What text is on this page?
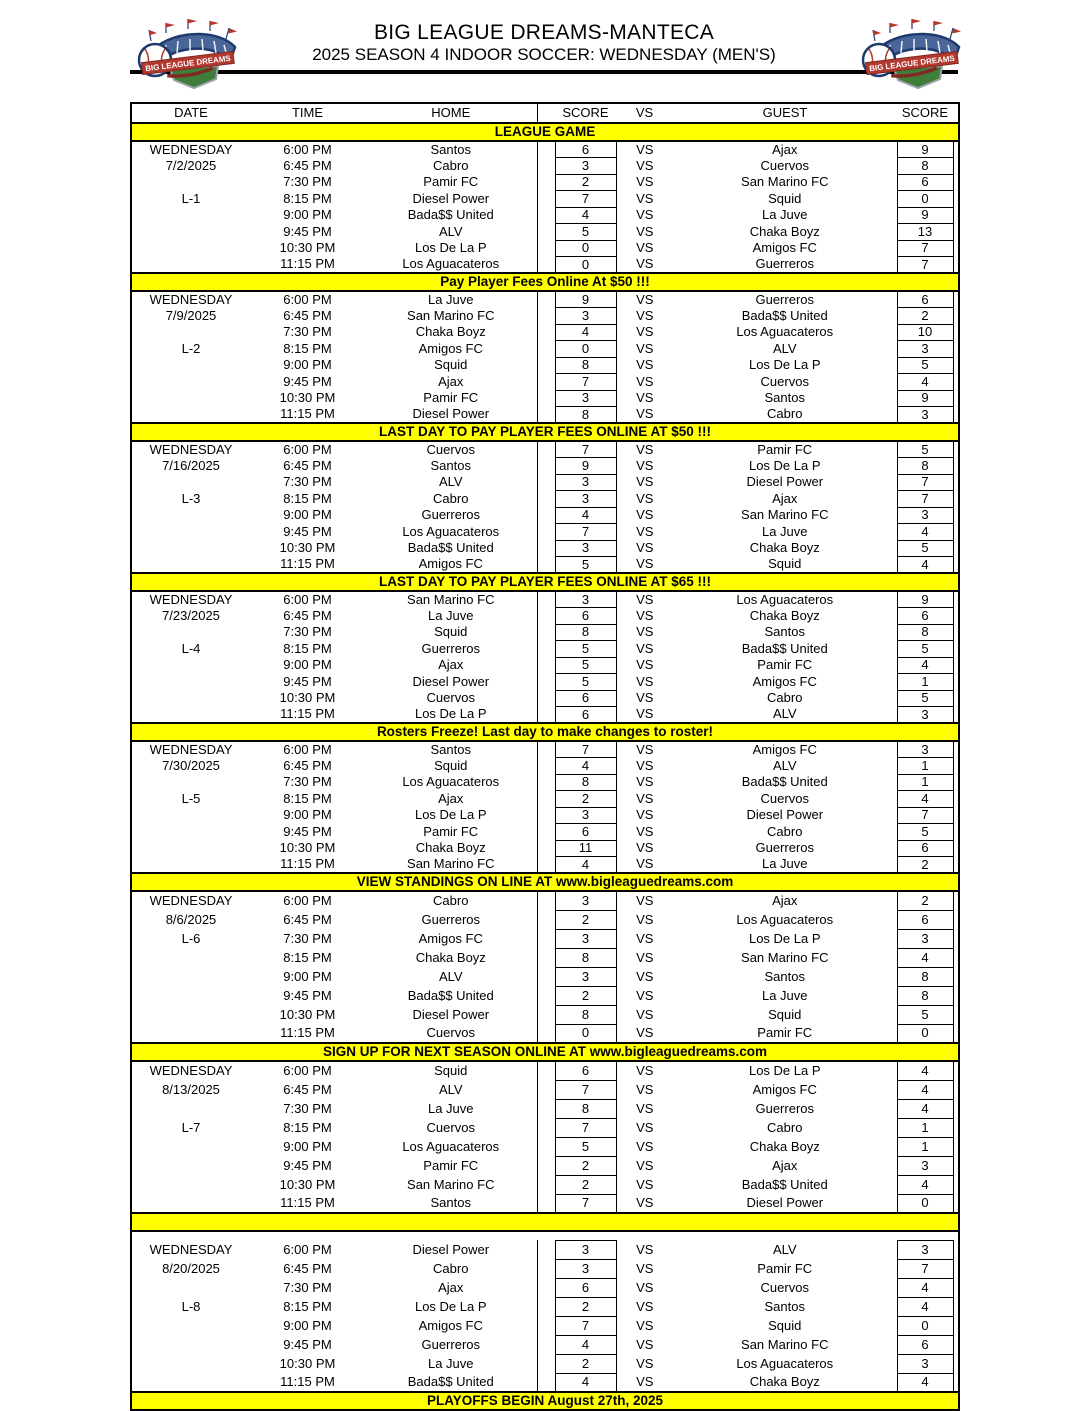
BIG LEAGUE DREAMS
BIG LEAGUE DREAMS-MANTECA
2025 SEASON 4 INDOOR SOCCER: WEDNESDAY (MEN'S)	BIG LEAGUE DREAMS
DATE	TIME	HOME		SCORE	VS	GUEST	SCORE	
LEAGUE GAME								
WEDNESDAY	6:00 PM	Santos		6	VS	Ajax	9	
7/2/2025	6:45 PM	Cabro		3	VS	Cuervos	8	
	7:30 PM	Pamir FC		2	VS	San Marino FC	6	
L-1	8:15 PM	Diesel Power		7	VS	Squid	0	
	9:00 PM	Bada$$ United		4	VS	La Juve	9	
	9:45 PM	ALV		5	VS	Chaka Boyz	13	
	10:30 PM	Los De La P		0	VS	Amigos FC	7	
	11:15 PM	Los Aguacateros		0	VS	Guerreros	7	
Pay Player Fees Online At $50 !!!								
WEDNESDAY	6:00 PM	La Juve		9	VS	Guerreros	6	
7/9/2025	6:45 PM	San Marino FC		3	VS	Bada$$ United	2	
	7:30 PM	Chaka Boyz		4	VS	Los Aguacateros	10	
L-2	8:15 PM	Amigos FC		0	VS	ALV	3	
	9:00 PM	Squid		8	VS	Los De La P	5	
	9:45 PM	Ajax		7	VS	Cuervos	4	
	10:30 PM	Pamir FC		3	VS	Santos	9	
	11:15 PM	Diesel Power		8	VS	Cabro	3	
LAST DAY TO PAY PLAYER FEES ONLINE AT $50 !!!								
WEDNESDAY	6:00 PM	Cuervos		7	VS	Pamir FC	5	
7/16/2025	6:45 PM	Santos		9	VS	Los De La P	8	
	7:30 PM	ALV		3	VS	Diesel Power	7	
L-3	8:15 PM	Cabro		3	VS	Ajax	7	
	9:00 PM	Guerreros		4	VS	San Marino FC	3	
	9:45 PM	Los Aguacateros		7	VS	La Juve	4	
	10:30 PM	Bada$$ United		3	VS	Chaka Boyz	5	
	11:15 PM	Amigos FC		5	VS	Squid	4	
LAST DAY TO PAY PLAYER FEES ONLINE AT $65 !!!								
WEDNESDAY	6:00 PM	San Marino FC		3	VS	Los Aguacateros	9	
7/23/2025	6:45 PM	La Juve		6	VS	Chaka Boyz	6	
	7:30 PM	Squid		8	VS	Santos	8	
L-4	8:15 PM	Guerreros		5	VS	Bada$$ United	5	
	9:00 PM	Ajax		5	VS	Pamir FC	4	
	9:45 PM	Diesel Power		5	VS	Amigos FC	1	
	10:30 PM	Cuervos		6	VS	Cabro	5	
	11:15 PM	Los De La P		6	VS	ALV	3	
Rosters Freeze! Last day to make changes to roster!								
WEDNESDAY	6:00 PM	Santos		7	VS	Amigos FC	3	
7/30/2025	6:45 PM	Squid		4	VS	ALV	1	
	7:30 PM	Los Aguacateros		8	VS	Bada$$ United	1	
L-5	8:15 PM	Ajax		2	VS	Cuervos	4	
	9:00 PM	Los De La P		3	VS	Diesel Power	7	
	9:45 PM	Pamir FC		6	VS	Cabro	5	
	10:30 PM	Chaka Boyz		11	VS	Guerreros	6	
	11:15 PM	San Marino FC		4	VS	La Juve	2	
VIEW STANDINGS ON LINE AT www.bigleaguedreams.com								
WEDNESDAY	6:00 PM	Cabro		3	VS	Ajax	2	
8/6/2025	6:45 PM	Guerreros		2	VS	Los Aguacateros	6	
L-6	7:30 PM	Amigos FC		3	VS	Los De La P	3	
	8:15 PM	Chaka Boyz		8	VS	San Marino FC	4	
	9:00 PM	ALV		3	VS	Santos	8	
	9:45 PM	Bada$$ United		2	VS	La Juve	8	
	10:30 PM	Diesel Power		8	VS	Squid	5	
	11:15 PM	Cuervos		0	VS	Pamir FC	0	
SIGN UP FOR NEXT SEASON ONLINE AT www.bigleaguedreams.com								
WEDNESDAY	6:00 PM	Squid		6	VS	Los De La P	4	
8/13/2025	6:45 PM	ALV		7	VS	Amigos FC	4	
	7:30 PM	La Juve		8	VS	Guerreros	4	
L-7	8:15 PM	Cuervos		7	VS	Cabro	1	
	9:00 PM	Los Aguacateros		5	VS	Chaka Boyz	1	
	9:45 PM	Pamir FC		2	VS	Ajax	3	
	10:30 PM	San Marino FC		2	VS	Bada$$ United	4	
	11:15 PM	Santos		7	VS	Diesel Power	0	

WEDNESDAY	6:00 PM	Diesel Power		3	VS	ALV	3	
8/20/2025	6:45 PM	Cabro		3	VS	Pamir FC	7	
	7:30 PM	Ajax		6	VS	Cuervos	4	
L-8	8:15 PM	Los De La P		2	VS	Santos	4	
	9:00 PM	Amigos FC		7	VS	Squid	0	
	9:45 PM	Guerreros		4	VS	San Marino FC	6	
	10:30 PM	La Juve		2	VS	Los Aguacateros	3	
	11:15 PM	Bada$$ United		4	VS	Chaka Boyz	4	
PLAYOFFS BEGIN August 27th, 2025								
